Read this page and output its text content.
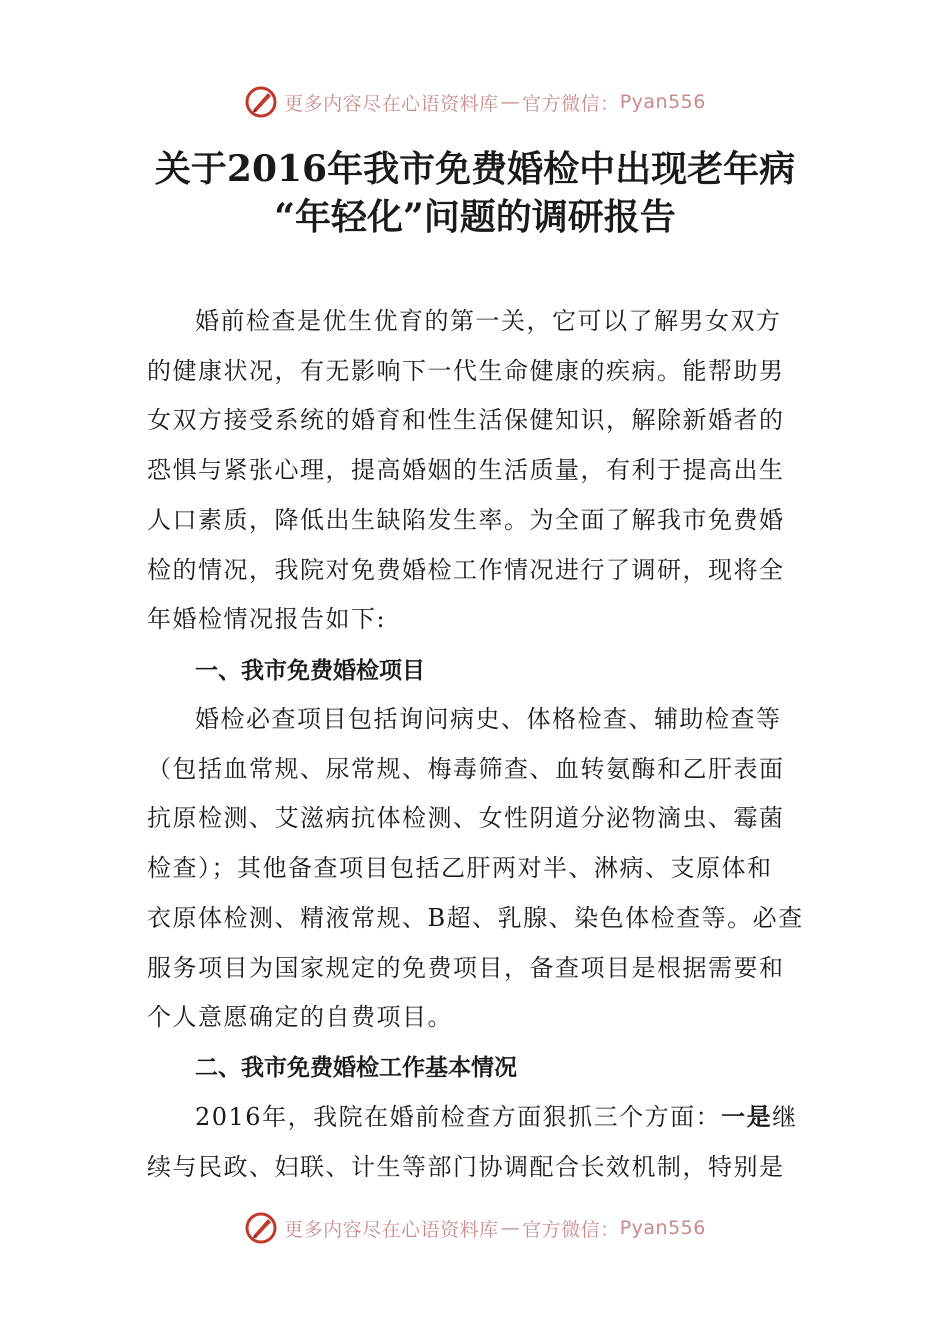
更多内容尽在心语资料库 — 官方微信： Pyan556
关于2016年我市免费婚检中出现老年病
“年轻化”问题的调研报告
婚前检查是优生优育的第一关，它可以了解男女双方
的健康状况，有无影响下一代生命健康的疾病。能帮助男
女双方接受系统的婚育和性生活保健知识，解除新婚者的
恐惧与紧张心理，提高婚姻的生活质量，有利于提高出生
人口素质，降低出生缺陷发生率。为全面了解我市免费婚
检的情况，我院对免费婚检工作情况进行了调研，现将全
年婚检情况报告如下:
一、我市免费婚检项目
婚检必查项目包括询问病史、体格检查、辅助检查等
（包括血常规、尿常规、梅毒筛查、血转氨酶和乙肝表面
抗原检测、艾滋病抗体检测、女性阴道分泌物滴虫、霉菌
检查）；其他备查项目包括乙肝两对半、淋病、支原体和
衣原体检测、精液常规、B超、乳腺、染色体检查等。必查
服务项目为国家规定的免费项目，备查项目是根据需要和
个人意愿确定的自费项目。
二、我市免费婚检工作基本情况
2016年，我院在婚前检查方面狠抓三个方面：一是继
续与民政、妇联、计生等部门协调配合长效机制，特别是
更多内容尽在心语资料库 — 官方微信： Pyan556
